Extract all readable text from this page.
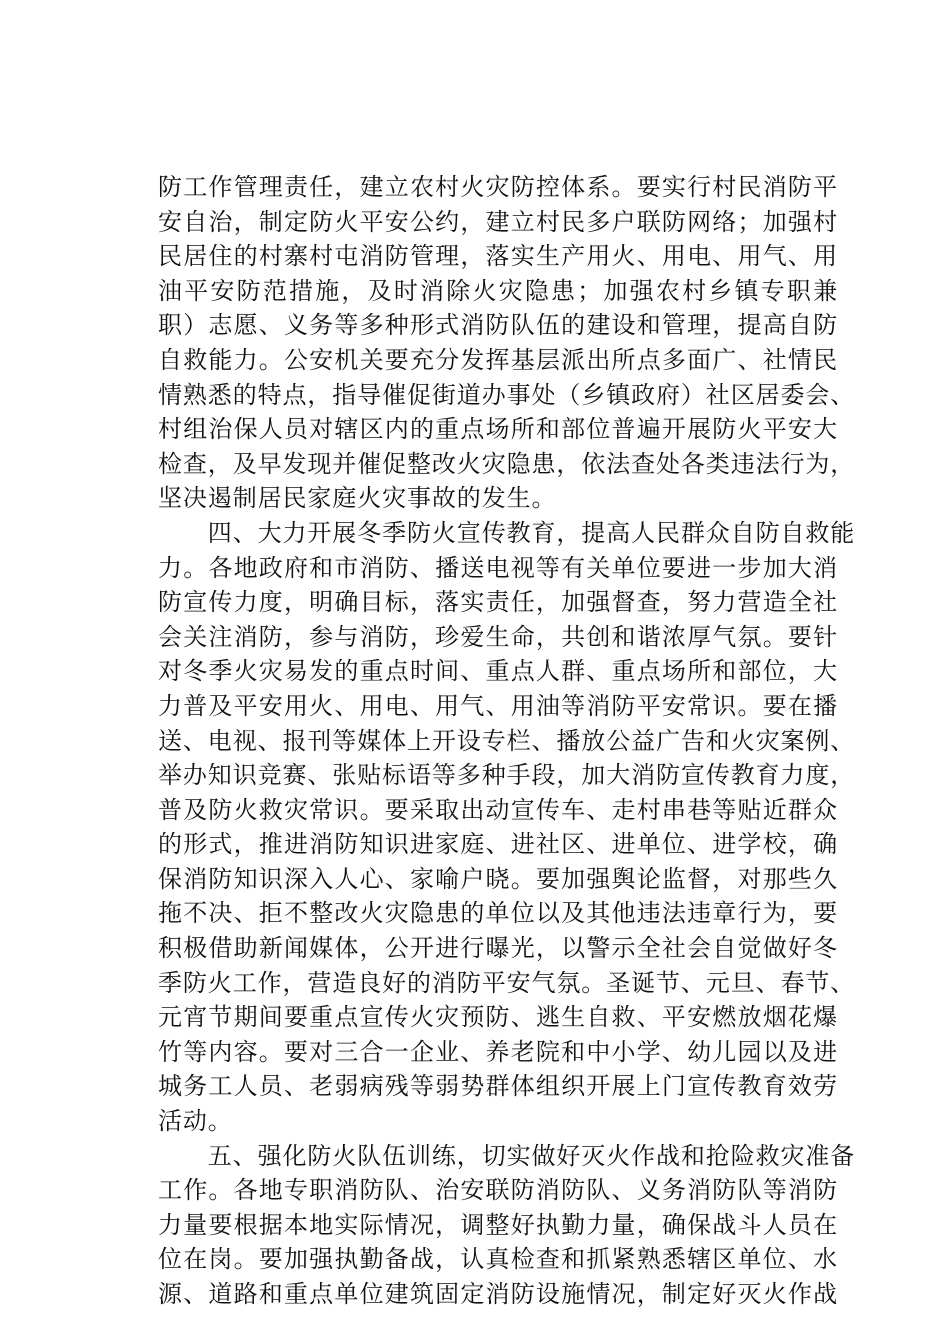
防工作管理责任，建立农村火灾防控体系。要实行村民消防平
安自治，制定防火平安公约，建立村民多户联防网络；加强村
民居住的村寨村屯消防管理，落实生产用火、用电、用气、用
油平安防范措施，及时消除火灾隐患；加强农村乡镇专职兼
职）志愿、义务等多种形式消防队伍的建设和管理，提高自防
自救能力。公安机关要充分发挥基层派出所点多面广、社情民
情熟悉的特点，指导催促街道办事处（乡镇政府）社区居委会、
村组治保人员对辖区内的重点场所和部位普遍开展防火平安大
检查，及早发现并催促整改火灾隐患，依法查处各类违法行为，
坚决遏制居民家庭火灾事故的发生。
　　四、大力开展冬季防火宣传教育，提高人民群众自防自救能
力。各地政府和市消防、播送电视等有关单位要进一步加大消
防宣传力度，明确目标，落实责任，加强督查，努力营造全社
会关注消防，参与消防，珍爱生命，共创和谐浓厚气氛。要针
对冬季火灾易发的重点时间、重点人群、重点场所和部位，大
力普及平安用火、用电、用气、用油等消防平安常识。要在播
送、电视、报刊等媒体上开设专栏、播放公益广告和火灾案例、
举办知识竞赛、张贴标语等多种手段，加大消防宣传教育力度，
普及防火救灾常识。要采取出动宣传车、走村串巷等贴近群众
的形式，推进消防知识进家庭、进社区、进单位、进学校，确
保消防知识深入人心、家喻户晓。要加强舆论监督，对那些久
拖不决、拒不整改火灾隐患的单位以及其他违法违章行为，要
积极借助新闻媒体，公开进行曝光，以警示全社会自觉做好冬
季防火工作，营造良好的消防平安气氛。圣诞节、元旦、春节、
元宵节期间要重点宣传火灾预防、逃生自救、平安燃放烟花爆
竹等内容。要对三合一企业、养老院和中小学、幼儿园以及进
城务工人员、老弱病残等弱势群体组织开展上门宣传教育效劳
活动。
　　五、强化防火队伍训练，切实做好灭火作战和抢险救灾准备
工作。各地专职消防队、治安联防消防队、义务消防队等消防
力量要根据本地实际情况，调整好执勤力量，确保战斗人员在
位在岗。要加强执勤备战，认真检查和抓紧熟悉辖区单位、水
源、道路和重点单位建筑固定消防设施情况，制定好灭火作战
